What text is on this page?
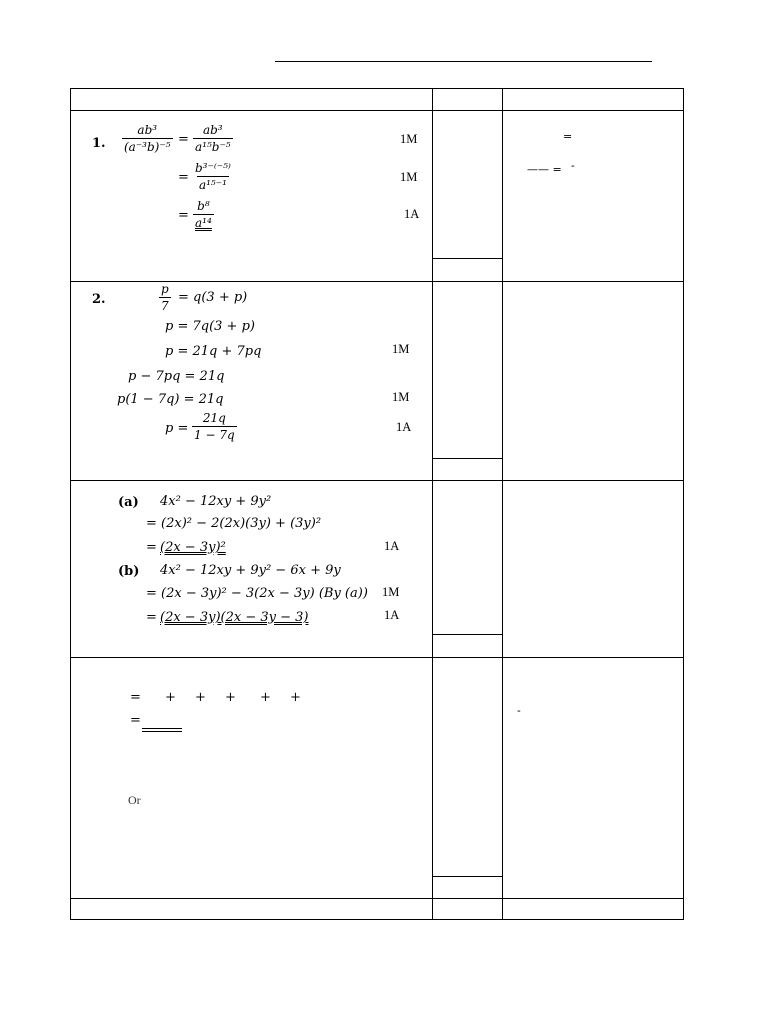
1. $\frac{\text{ab³}}{\text{(a⁻³b)⁻⁵}} = \frac{\text{ab³}}{\text{a¹⁵b⁻⁵}}$
= $\frac{\text{b³⁻⁽⁻⁵⁾}}{\text{a¹⁵⁻¹}}$
= $\frac{\text{b⁸}}{\text{a¹⁴}}$
1M
1M
1A
=
—— = -
2.	$\frac{p}{7} = q(3 + p)$
p = 7q(3 + p)
p = 21q + 7pq
p − 7pq = 21q
p(1 − 7q) = 21q
$p = \frac{21q}{1 - 7q}$
1M
1M
1A
(a) 4x² − 12xy + 9y²
= (2x)² − 2(2x)(3y) + (3y)²
= (2x − 3y)²
(b) 4x² − 12xy + 9y² − 6x + 9y
= (2x − 3y)² − 3(2x − 3y) (By (a))
= (2x − 3y)(2x − 3y − 3)
1A
1M
1A
= + + + + +
=
Or
-
